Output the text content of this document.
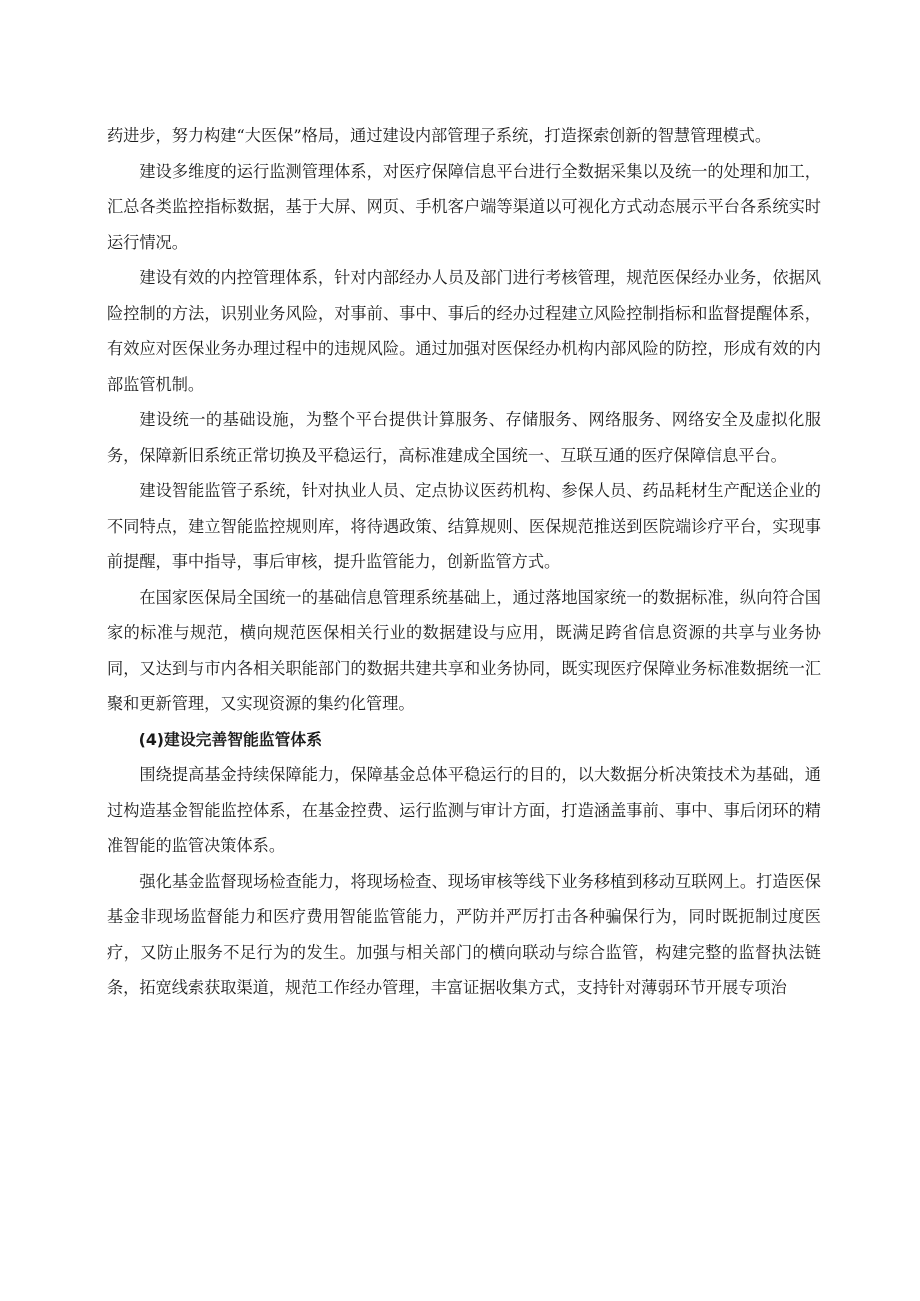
药进步，努力构建“大医保”格局，通过建设内部管理子系统，打造探索创新的智慧管理模式。

建设多维度的运行监测管理体系，对医疗保障信息平台进行全数据采集以及统一的处理和加工，汇总各类监控指标数据，基于大屏、网页、手机客户端等渠道以可视化方式动态展示平台各系统实时运行情况。

建设有效的内控管理体系，针对内部经办人员及部门进行考核管理，规范医保经办业务，依据风险控制的方法，识别业务风险，对事前、事中、事后的经办过程建立风险控制指标和监督提醒体系，有效应对医保业务办理过程中的违规风险。通过加强对医保经办机构内部风险的防控，形成有效的内部监管机制。

建设统一的基础设施，为整个平台提供计算服务、存储服务、网络服务、网络安全及虚拟化服务，保障新旧系统正常切换及平稳运行，高标准建成全国统一、互联互通的医疗保障信息平台。

建设智能监管子系统，针对执业人员、定点协议医药机构、参保人员、药品耗材生产配送企业的不同特点，建立智能监控规则库，将待遇政策、结算规则、医保规范推送到医院端诊疗平台，实现事前提醒，事中指导，事后审核，提升监管能力，创新监管方式。

在国家医保局全国统一的基础信息管理系统基础上，通过落地国家统一的数据标准，纵向符合国家的标准与规范，横向规范医保相关行业的数据建设与应用，既满足跨省信息资源的共享与业务协同，又达到与市内各相关职能部门的数据共建共享和业务协同，既实现医疗保障业务标准数据统一汇聚和更新管理，又实现资源的集约化管理。

(4)建设完善智能监管体系

围绕提高基金持续保障能力，保障基金总体平稳运行的目的，以大数据分析决策技术为基础，通过构造基金智能监控体系，在基金控费、运行监测与审计方面，打造涵盖事前、事中、事后闭环的精准智能的监管决策体系。

强化基金监督现场检查能力，将现场检查、现场审核等线下业务移植到移动互联网上。打造医保基金非现场监督能力和医疗费用智能监管能力，严防并严厉打击各种骗保行为，同时既扼制过度医疗，又防止服务不足行为的发生。加强与相关部门的横向联动与综合监管，构建完整的监督执法链条，拓宽线索获取渠道，规范工作经办管理，丰富证据收集方式，支持针对薄弱环节开展专项治
